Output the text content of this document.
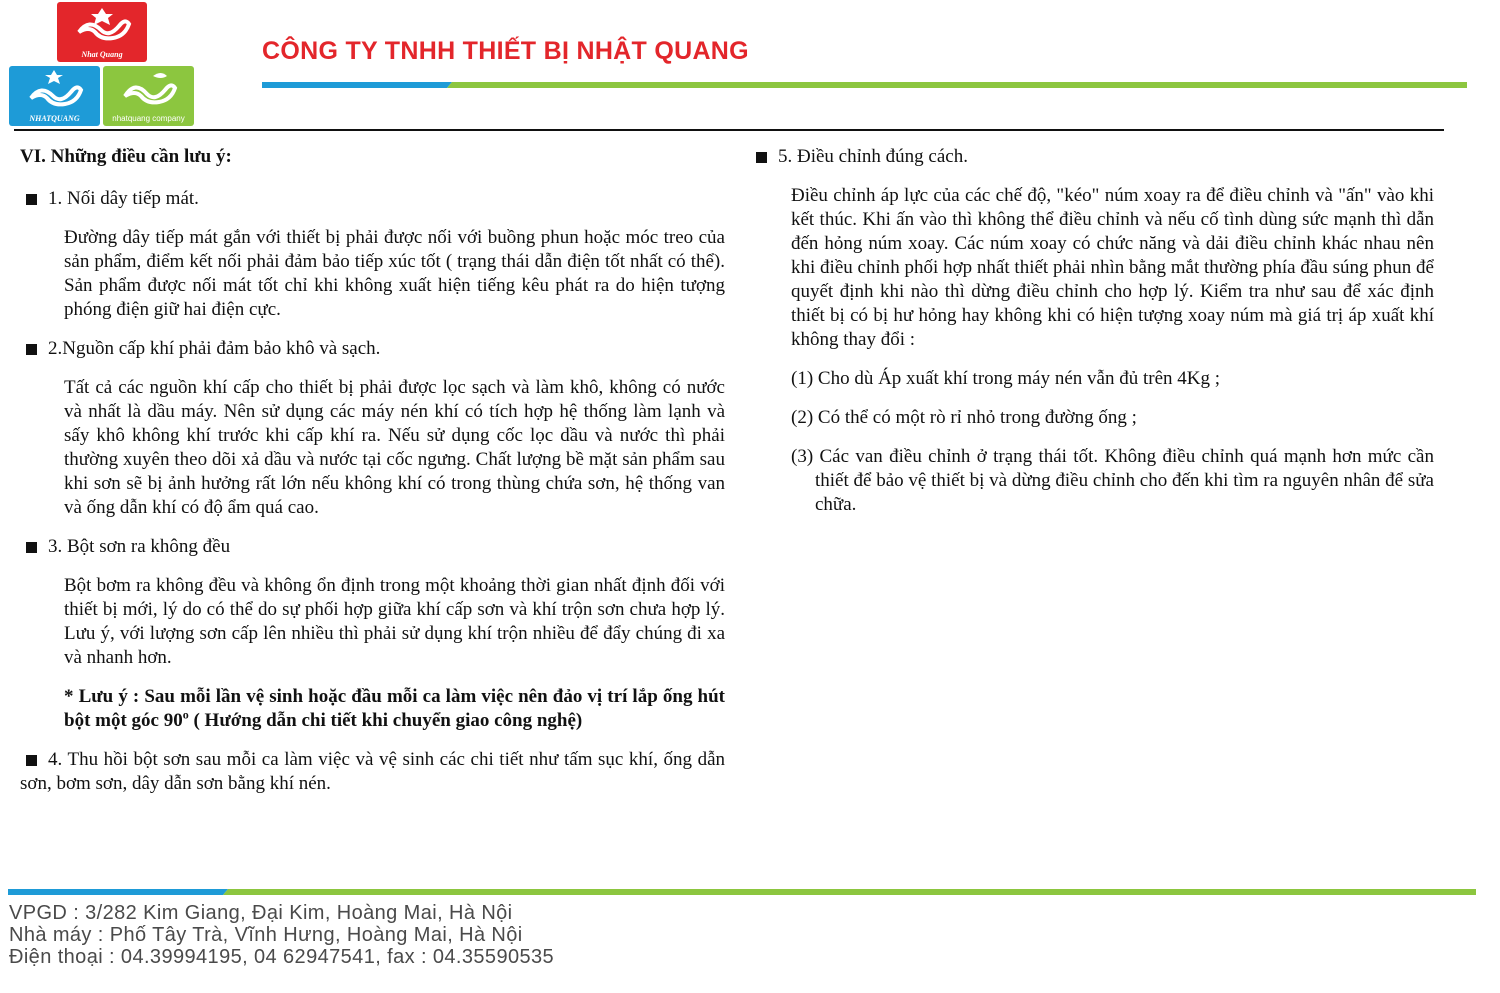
Nhat Quang
NHATQUANG	nhatquang company
CÔNG TY TNHH THIẾT BỊ NHẬT QUANG

VI. Những điều cần lưu ý:

1. Nối dây tiếp mát.

Đường dây tiếp mát gắn với thiết bị phải được nối với buồng phun hoặc móc treo của sản phẩm, điểm kết nối phải đảm bảo tiếp xúc tốt ( trạng thái dẫn điện tốt nhất có thể). Sản phẩm được nối mát tốt chỉ khi không xuất hiện tiếng kêu phát ra do hiện tượng phóng điện giữ hai điện cực.

2.Nguồn cấp khí phải đảm bảo khô và sạch.

Tất cả các nguồn khí cấp cho thiết bị phải được lọc sạch và làm khô, không có nước và nhất là dầu máy. Nên sử dụng các máy nén khí có tích hợp hệ thống làm lạnh và sấy khô không khí trước khi cấp khí ra. Nếu sử dụng cốc lọc dầu và nước thì phải thường xuyên theo dõi xả dầu và nước tại cốc ngưng. Chất lượng bề mặt sản phẩm sau khi sơn sẽ bị ảnh hưởng rất lớn nếu không khí có trong thùng chứa sơn, hệ thống van và ống dẫn khí có độ ẩm quá cao.

3. Bột sơn ra không đều

Bột bơm ra không đều và không ổn định trong một khoảng thời gian nhất định đối với thiết bị mới, lý do có thể do sự phối hợp giữa khí cấp sơn và khí trộn sơn chưa hợp lý. Lưu ý, với lượng sơn cấp lên nhiều thì phải sử dụng khí trộn nhiều để đẩy chúng đi xa và nhanh hơn.

* Lưu ý : Sau mỗi lần vệ sinh hoặc đầu mỗi ca làm việc nên đảo vị trí lắp ống hút bột một góc 90$^o$ ( Hướng dẫn chi tiết khi chuyển giao công nghệ)

4. Thu hồi bột sơn sau mỗi ca làm việc và vệ sinh các chi tiết như tấm sục khí, ống dẫn sơn, bơm sơn, dây dẫn sơn bằng khí nén.

5. Điều chỉnh đúng cách.

Điều chỉnh áp lực của các chế độ, "kéo" núm xoay ra để điều chỉnh và "ấn" vào khi kết thúc. Khi ấn vào thì không thể điều chỉnh và nếu cố tình dùng sức mạnh thì dẫn đến hỏng núm xoay. Các núm xoay có chức năng và dải điều chỉnh khác nhau nên khi điều chỉnh phối hợp nhất thiết phải nhìn bằng mắt thường phía đầu súng phun để quyết định khi nào thì dừng điều chỉnh cho hợp lý. Kiểm tra như sau để xác định thiết bị có bị hư hỏng hay không khi có hiện tượng xoay núm mà giá trị áp xuất khí không thay đổi :

(1) Cho dù Áp xuất khí trong máy nén vẫn đủ trên 4Kg ;

(2) Có thể có một rò rỉ nhỏ trong đường ống ;

(3) Các van điều chỉnh ở trạng thái tốt. Không điều chỉnh quá mạnh hơn mức cần thiết để bảo vệ thiết bị và dừng điều chỉnh cho đến khi tìm ra nguyên nhân để sửa chữa.

VPGD : 3/282 Kim Giang, Đại Kim, Hoàng Mai, Hà Nội

Nhà máy : Phố Tây Trà, Vĩnh Hưng, Hoàng Mai, Hà Nội

Điện thoại : 04.39994195, 04 62947541, fax : 04.35590535
